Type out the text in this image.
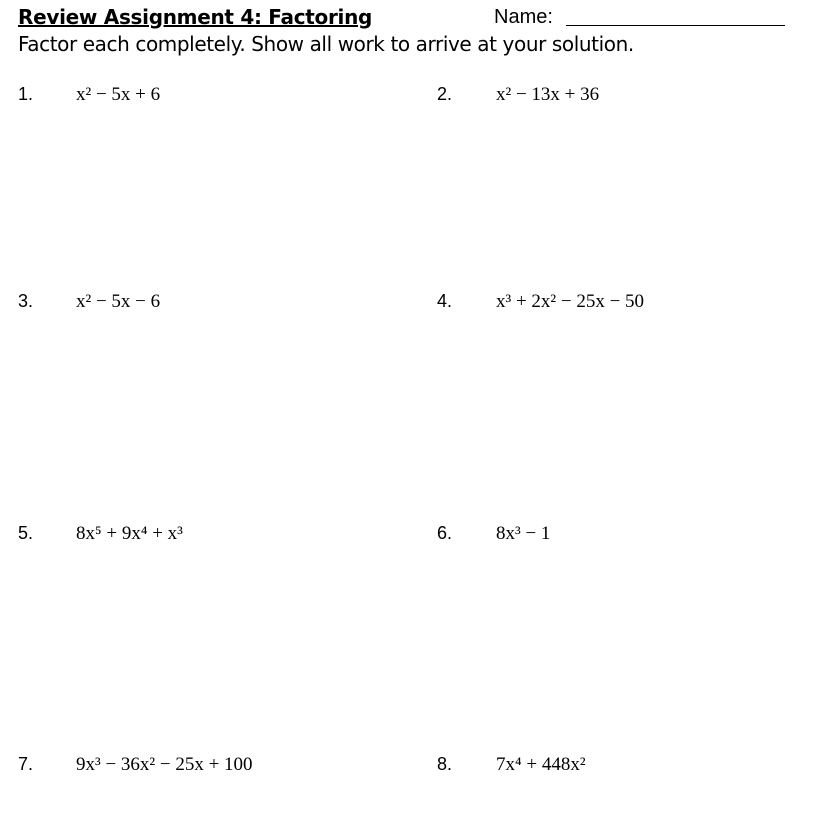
Review Assignment 4: Factoring	Name:
Factor each completely. Show all work to arrive at your solution.
1. x² − 5x + 6	2. x² − 13x + 36
3. x² − 5x − 6	4. x³ + 2x² − 25x − 50
5. 8x⁵ + 9x⁴ + x³	6. 8x³ − 1
7. 9x³ − 36x² − 25x + 100	8. 7x⁴ + 448x²
